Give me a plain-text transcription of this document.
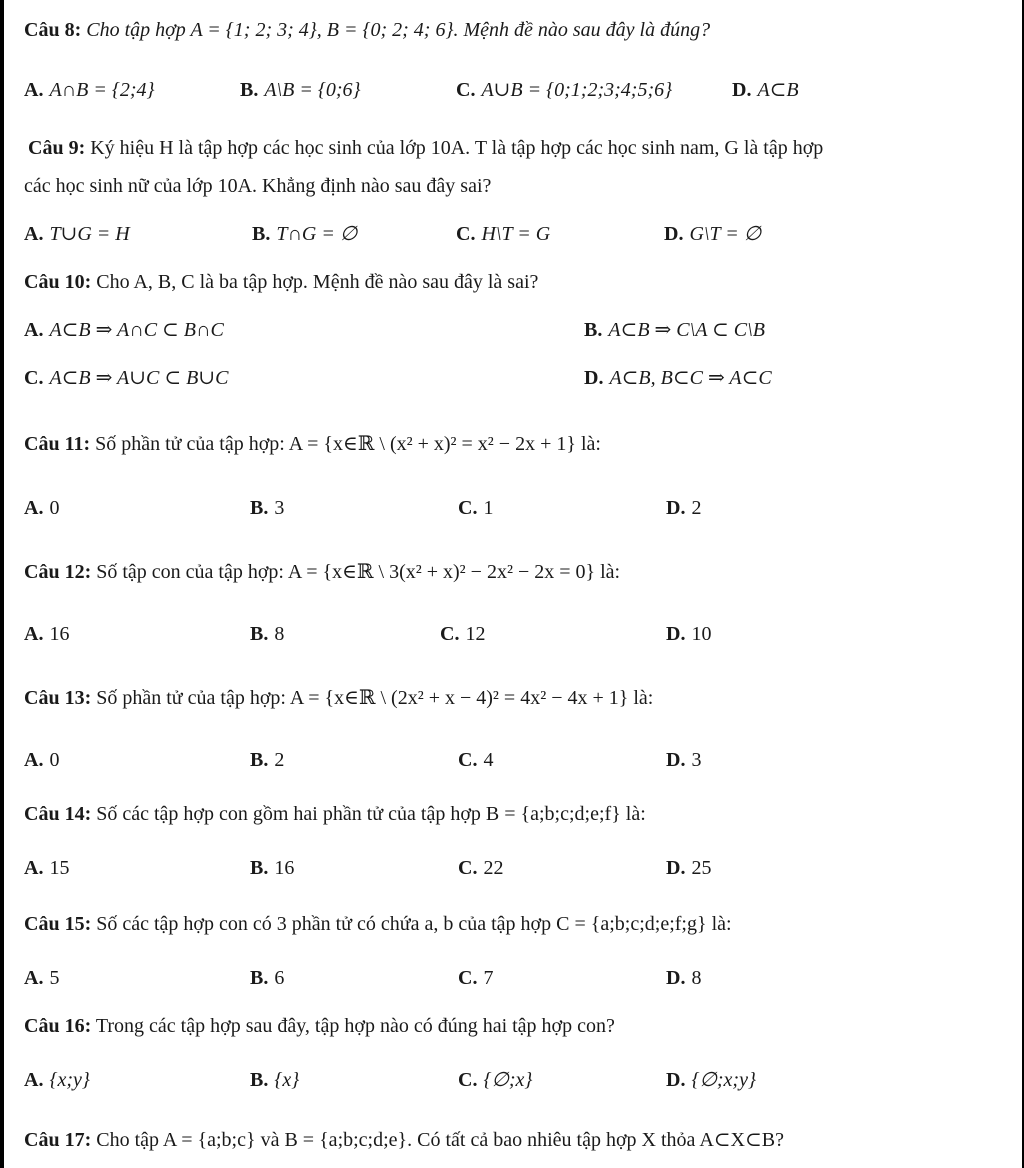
Câu 8: Cho tập hợp A = {1; 2; 3; 4}, B = {0; 2; 4; 6}. Mệnh đề nào sau đây là đúng?
A. A∩B = {2;4}	B. A\B = {0;6}	C. A∪B = {0;1;2;3;4;5;6}	D. A⊂B
Câu 9: Ký hiệu H là tập hợp các học sinh của lớp 10A. T là tập hợp các học sinh nam, G là tập hợp
các học sinh nữ của lớp 10A. Khẳng định nào sau đây sai?
A. T∪G = H	B. T∩G = ∅	C. H\T = G	D. G\T = ∅
Câu 10: Cho A, B, C là ba tập hợp. Mệnh đề nào sau đây là sai?
A. A⊂B ⇒ A∩C ⊂ B∩C	B. A⊂B ⇒ C\A ⊂ C\B
C. A⊂B ⇒ A∪C ⊂ B∪C	D. A⊂B, B⊂C ⇒ A⊂C
Câu 11: Số phần tử của tập hợp: A = {x∈ℝ \ (x² + x)² = x² − 2x + 1} là:
A. 0	B. 3	C. 1	D. 2
Câu 12: Số tập con của tập hợp: A = {x∈ℝ \ 3(x² + x)² − 2x² − 2x = 0} là:
A. 16	B. 8	C. 12	D. 10
Câu 13: Số phần tử của tập hợp: A = {x∈ℝ \ (2x² + x − 4)² = 4x² − 4x + 1} là:
A. 0	B. 2	C. 4	D. 3
Câu 14: Số các tập hợp con gồm hai phần tử của tập hợp B = {a;b;c;d;e;f} là:
A. 15	B. 16	C. 22	D. 25
Câu 15: Số các tập hợp con có 3 phần tử có chứa a, b của tập hợp C = {a;b;c;d;e;f;g} là:
A. 5	B. 6	C. 7	D. 8
Câu 16: Trong các tập hợp sau đây, tập hợp nào có đúng hai tập hợp con?
A. {x;y}	B. {x}	C. {∅;x}	D. {∅;x;y}
Câu 17: Cho tập A = {a;b;c} và B = {a;b;c;d;e}. Có tất cả bao nhiêu tập hợp X thỏa A⊂X⊂B?
